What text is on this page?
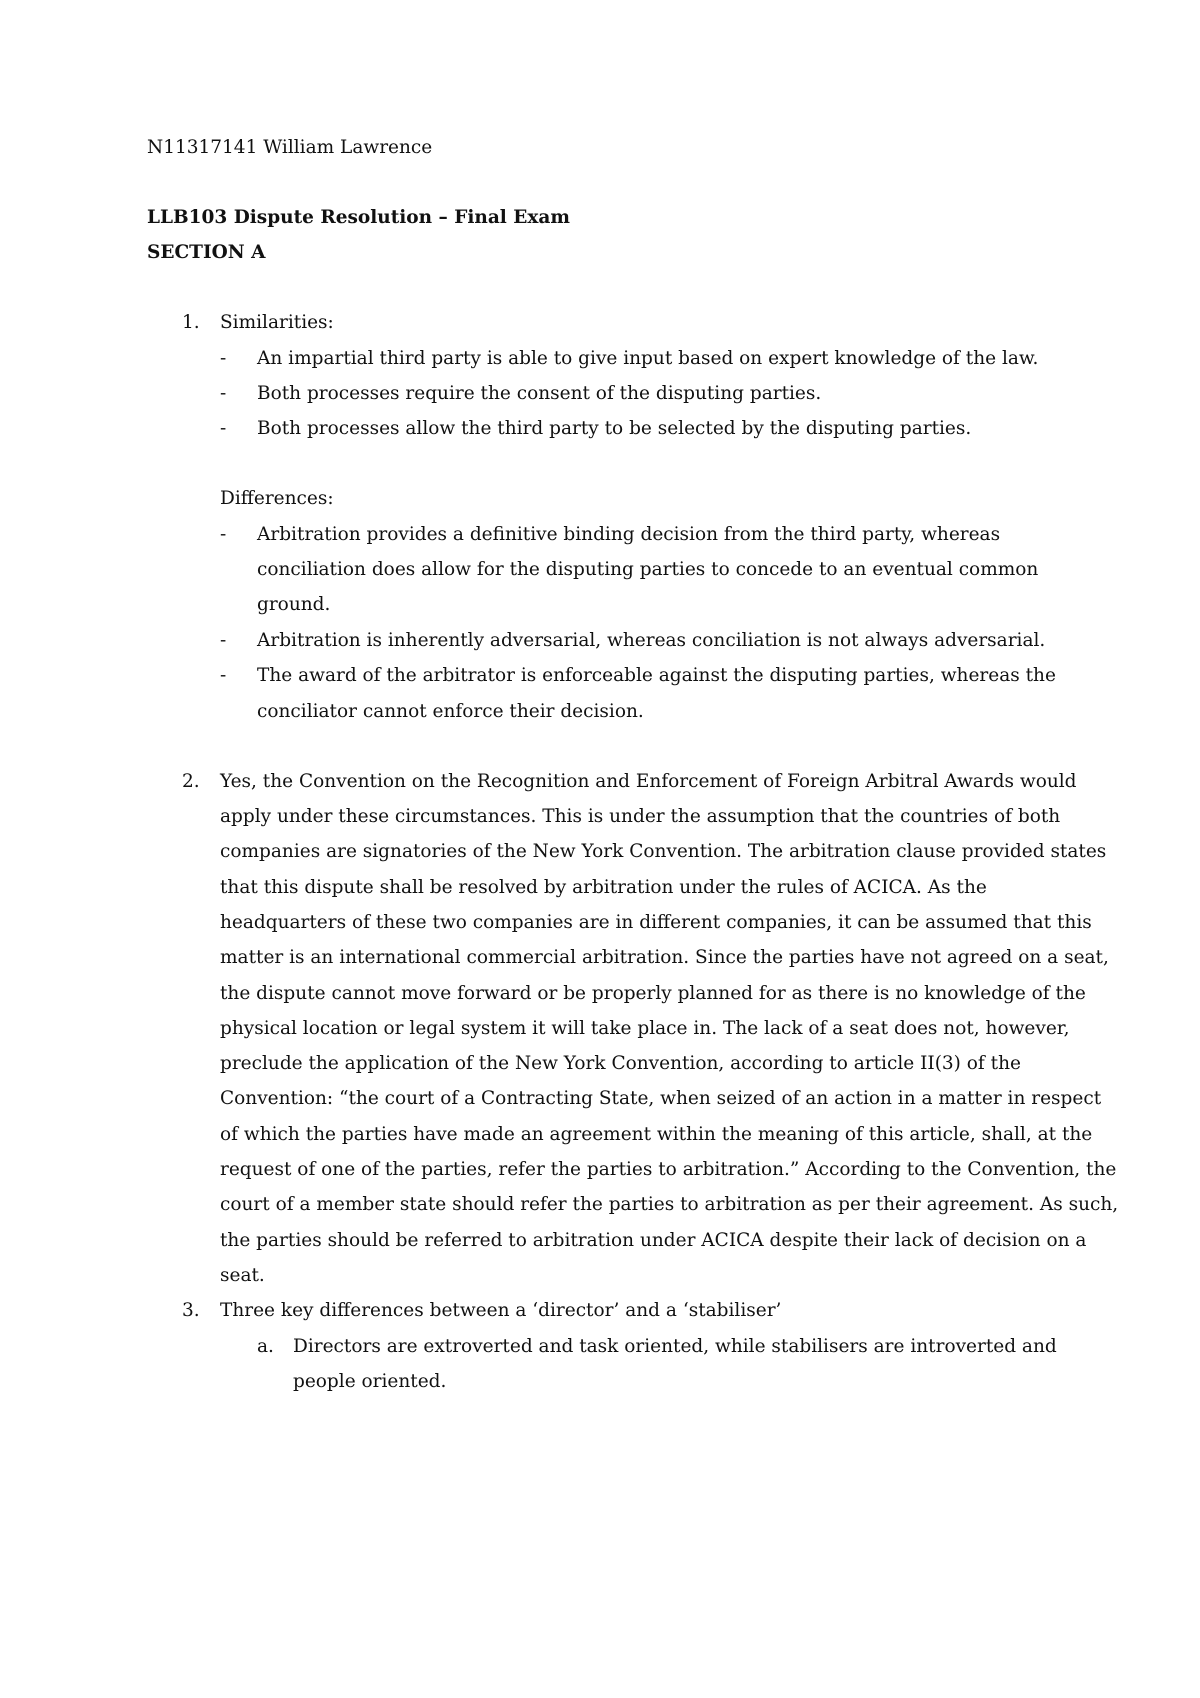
N11317141 William Lawrence
LLB103 Dispute Resolution – Final Exam
SECTION A
1. Similarities:
- An impartial third party is able to give input based on expert knowledge of the law.
- Both processes require the consent of the disputing parties.
- Both processes allow the third party to be selected by the disputing parties.
Differences:
- Arbitration provides a definitive binding decision from the third party, whereas
conciliation does allow for the disputing parties to concede to an eventual common
ground.
- Arbitration is inherently adversarial, whereas conciliation is not always adversarial.
- The award of the arbitrator is enforceable against the disputing parties, whereas the
conciliator cannot enforce their decision.
2. Yes, the Convention on the Recognition and Enforcement of Foreign Arbitral Awards would
apply under these circumstances. This is under the assumption that the countries of both
companies are signatories of the New York Convention. The arbitration clause provided states
that this dispute shall be resolved by arbitration under the rules of ACICA. As the
headquarters of these two companies are in different companies, it can be assumed that this
matter is an international commercial arbitration. Since the parties have not agreed on a seat,
the dispute cannot move forward or be properly planned for as there is no knowledge of the
physical location or legal system it will take place in. The lack of a seat does not, however,
preclude the application of the New York Convention, according to article II(3) of the
Convention: “the court of a Contracting State, when seized of an action in a matter in respect
of which the parties have made an agreement within the meaning of this article, shall, at the
request of one of the parties, refer the parties to arbitration.” According to the Convention, the
court of a member state should refer the parties to arbitration as per their agreement. As such,
the parties should be referred to arbitration under ACICA despite their lack of decision on a
seat.
3. Three key differences between a ‘director’ and a ‘stabiliser’
a. Directors are extroverted and task oriented, while stabilisers are introverted and
people oriented.
